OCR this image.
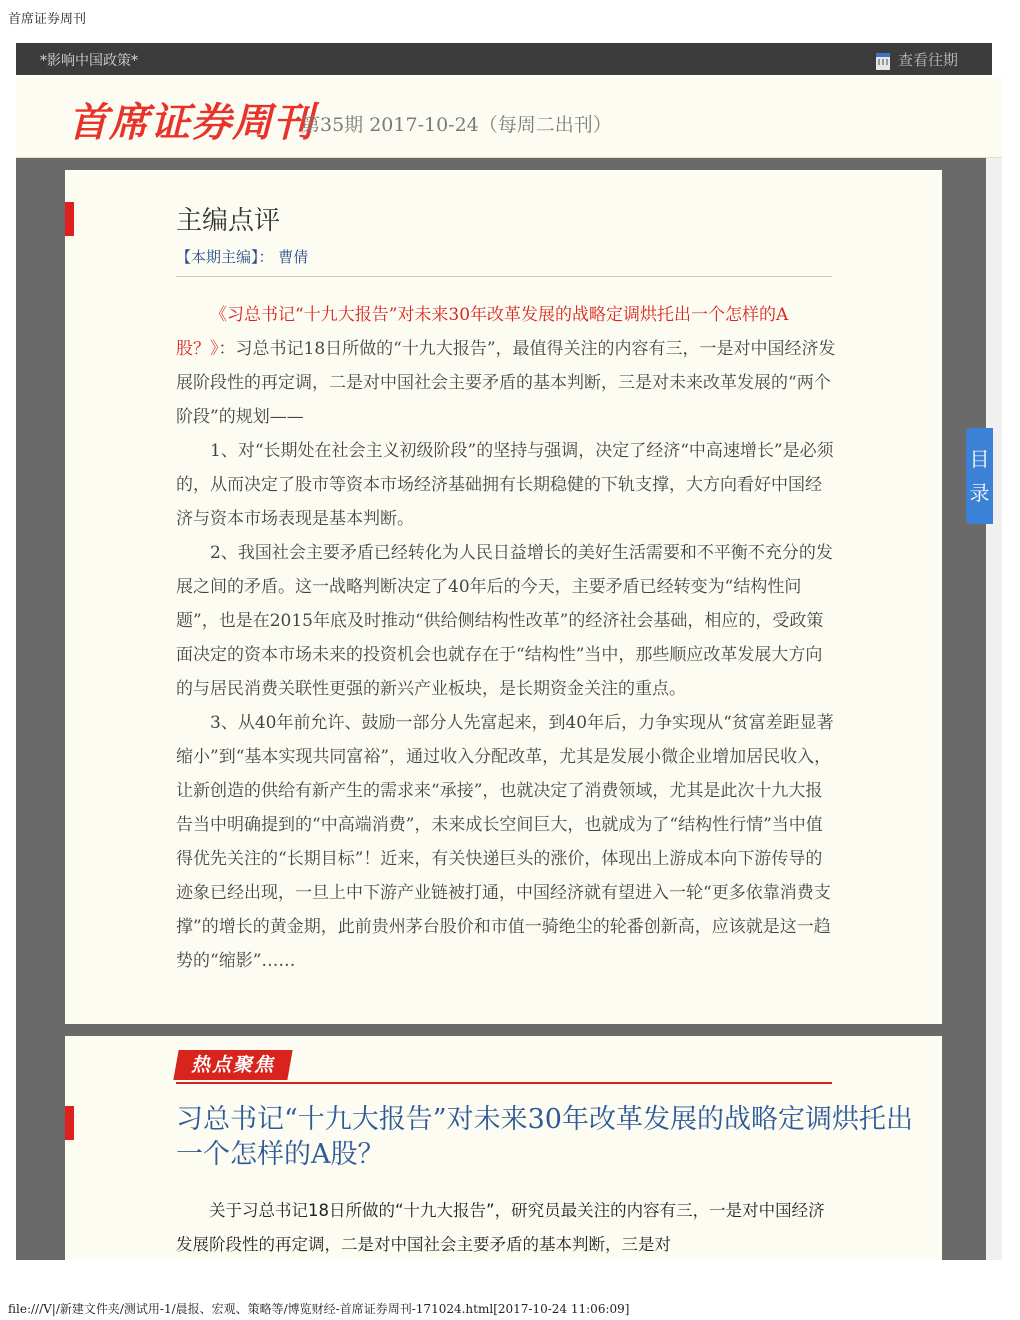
首席证券周刊
*影响中国政策*	查看往期
首席证券周刊
第35期 2017-10-24（每周二出刊）
主编点评
【本期主编】： 曹倩

《习总书记“十九大报告”对未来30年改革发展的战略定调烘托出一个怎样的A股？》：习总书记18日所做的“十九大报告”，最值得关注的内容有三，一是对中国经济发展阶段性的再定调，二是对中国社会主要矛盾的基本判断，三是对未来改革发展的“两个阶段”的规划——

1、对“长期处在社会主义初级阶段”的坚持与强调，决定了经济“中高速增长”是必须的，从而决定了股市等资本市场经济基础拥有长期稳健的下轨支撑，大方向看好中国经济与资本市场表现是基本判断。

2、我国社会主要矛盾已经转化为人民日益增长的美好生活需要和不平衡不充分的发展之间的矛盾。这一战略判断决定了40年后的今天，主要矛盾已经转变为“结构性问题”，也是在2015年底及时推动“供给侧结构性改革”的经济社会基础，相应的，受政策面决定的资本市场未来的投资机会也就存在于“结构性”当中，那些顺应改革发展大方向的与居民消费关联性更强的新兴产业板块，是长期资金关注的重点。

3、从40年前允许、鼓励一部分人先富起来，到40年后，力争实现从“贫富差距显著缩小”到“基本实现共同富裕”，通过收入分配改革，尤其是发展小微企业增加居民收入，让新创造的供给有新产生的需求来“承接”，也就决定了消费领域，尤其是此次十九大报告当中明确提到的“中高端消费”，未来成长空间巨大，也就成为了“结构性行情”当中值得优先关注的“长期目标”！近来，有关快递巨头的涨价，体现出上游成本向下游传导的迹象已经出现，一旦上中下游产业链被打通，中国经济就有望进入一轮“更多依靠消费支撑”的增长的黄金期，此前贵州茅台股价和市值一骑绝尘的轮番创新高，应该就是这一趋势的“缩影”……

热点聚焦

习总书记“十九大报告”对未来30年改革发展的战略定调烘托出一个怎样的A股？

关于习总书记18日所做的“十九大报告”，研究员最关注的内容有三，一是对中国经济发展阶段性的再定调，二是对中国社会主要矛盾的基本判断，三是对

目
录
file:///V|/新建文件夹/测试用-1/晨报、宏观、策略等/博览财经-首席证券周刊-171024.html[2017-10-24 11:06:09]
